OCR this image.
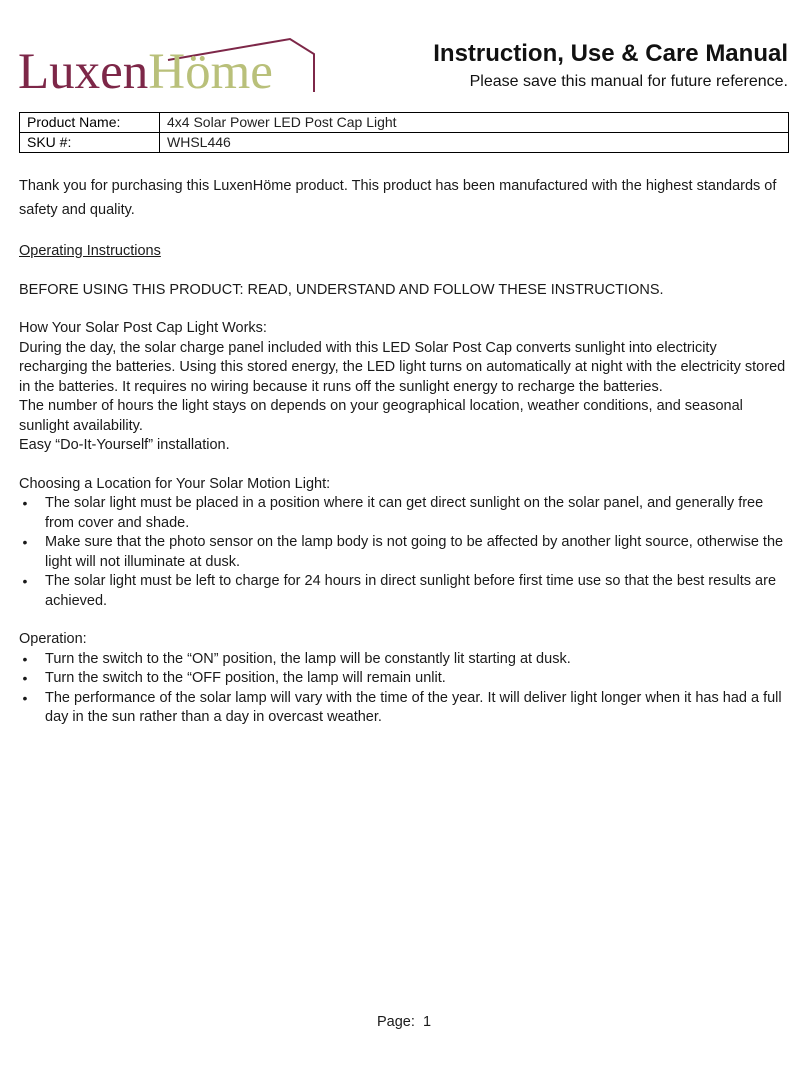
LuxenHöme	Instruction, Use & Care Manual
Please save this manual for future reference.
Product Name:	4x4 Solar Power LED Post Cap Light
SKU #:	WHSL446

Thank you for purchasing this LuxenHöme product. This product has been manufactured with the highest standards of safety and quality.

Operating Instructions

BEFORE USING THIS PRODUCT: READ, UNDERSTAND AND FOLLOW THESE INSTRUCTIONS.

How Your Solar Post Cap Light Works:

During the day, the solar charge panel included with this LED Solar Post Cap converts sunlight into electricity recharging the batteries. Using this stored energy, the LED light turns on automatically at night with the electricity stored in the batteries. It requires no wiring because it runs off the sunlight energy to recharge the batteries.

The number of hours the light stays on depends on your geographical location, weather conditions, and seasonal sunlight availability.

Easy “Do-It-Yourself” installation.

Choosing a Location for Your Solar Motion Light:

• The solar light must be placed in a position where it can get direct sunlight on the solar panel, and generally free from cover and shade.
• Make sure that the photo sensor on the lamp body is not going to be affected by another light source, otherwise the light will not illuminate at dusk.
• The solar light must be left to charge for 24 hours in direct sunlight before first time use so that the best results are achieved.

Operation:

• Turn the switch to the “ON” position, the lamp will be constantly lit starting at dusk.
• Turn the switch to the “OFF position, the lamp will remain unlit.
• The performance of the solar lamp will vary with the time of the year. It will deliver light longer when it has had a full day in the sun rather than a day in overcast weather.
Page: 1
